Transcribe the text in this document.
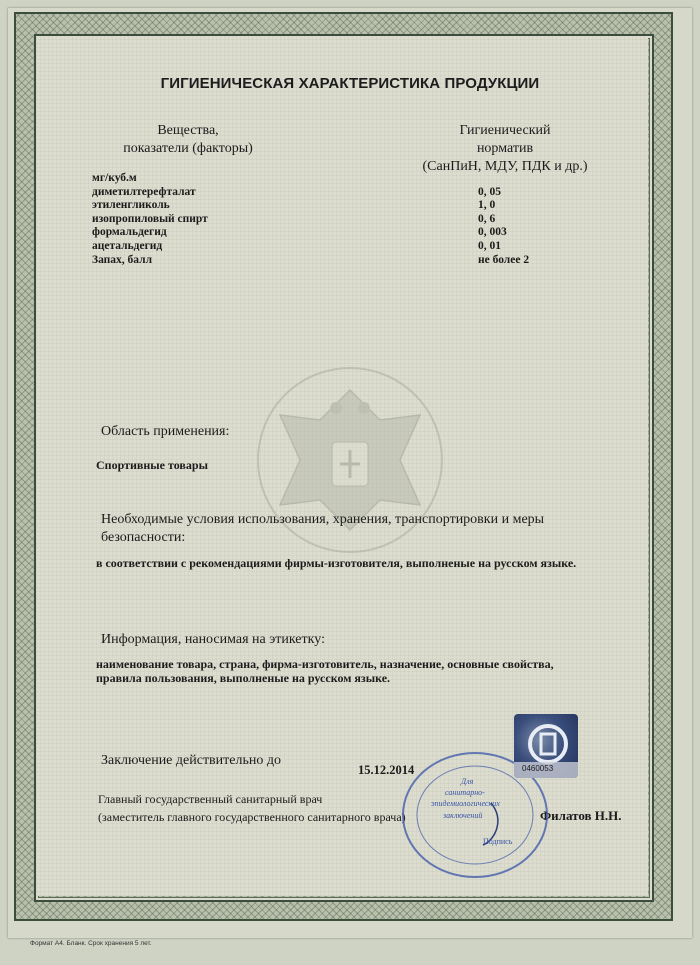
ГИГИЕНИЧЕСКАЯ ХАРАКТЕРИСТИКА ПРОДУКЦИИ
Вещества,
показатели (факторы)
Гигиенический
норматив
(СанПиН, МДУ, ПДК и др.)
мг/куб.м
диметилтерефталат
этиленгликоль
изопропиловый спирт
формальдегид
ацетальдегид
Запах, балл
0, 05
1, 0
0, 6
0, 003
0, 01
не более 2
Область применения:
Спортивные товары
Необходимые условия использования, хранения, транспортировки и меры
безопасности:
в соответствии с рекомендациями фирмы-изготовителя, выполненые на русском языке.
Информация, наносимая на этикетку:
наименование товара, страна, фирма-изготовитель, назначение, основные свойства,
правила пользования, выполненые на русском языке.
Заключение действительно до
15.12.2014
Главный государственный санитарный врач
(заместитель главного государственного санитарного врача)	Филатов Н.Н.
Для
санитарно-
эпидемиологических
заключений
Подпись
0460053
Формат А4. Бланк. Срок хранения 5 лет.
